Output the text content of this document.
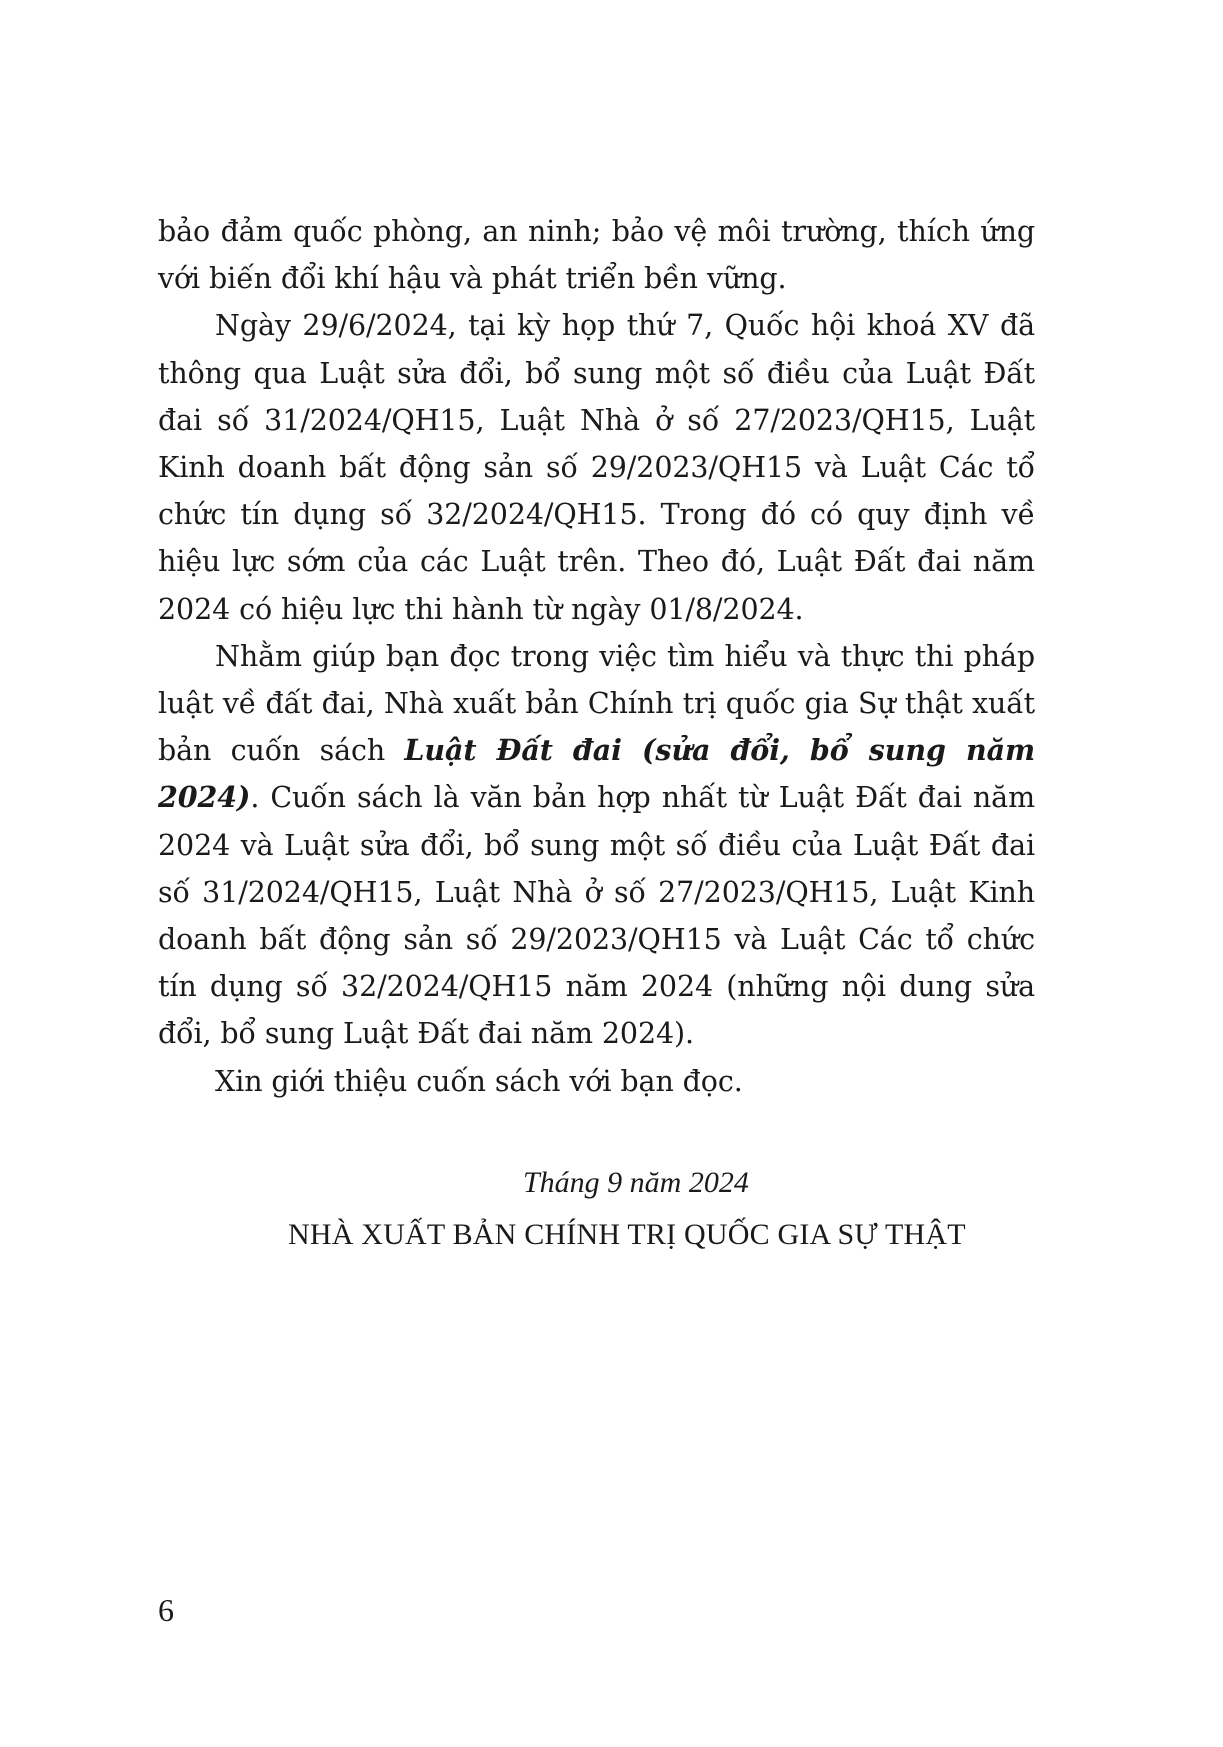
bảo đảm quốc phòng, an ninh; bảo vệ môi trường, thích ứng với biến đổi khí hậu và phát triển bền vững.

Ngày 29/6/2024, tại kỳ họp thứ 7, Quốc hội khoá XV đã thông qua Luật sửa đổi, bổ sung một số điều của Luật Đất đai số 31/2024/QH15, Luật Nhà ở số 27/2023/QH15, Luật Kinh doanh bất động sản số 29/2023/QH15 và Luật Các tổ chức tín dụng số 32/2024/QH15. Trong đó có quy định về hiệu lực sớm của các Luật trên. Theo đó, Luật Đất đai năm 2024 có hiệu lực thi hành từ ngày 01/8/2024.

Nhằm giúp bạn đọc trong việc tìm hiểu và thực thi pháp luật về đất đai, Nhà xuất bản Chính trị quốc gia Sự thật xuất bản cuốn sách Luật Đất đai (sửa đổi, bổ sung năm 2024). Cuốn sách là văn bản hợp nhất từ Luật Đất đai năm 2024 và Luật sửa đổi, bổ sung một số điều của Luật Đất đai số 31/2024/QH15, Luật Nhà ở số 27/2023/QH15, Luật Kinh doanh bất động sản số 29/2023/QH15 và Luật Các tổ chức tín dụng số 32/2024/QH15 năm 2024 (những nội dung sửa đổi, bổ sung Luật Đất đai năm 2024).

Xin giới thiệu cuốn sách với bạn đọc.

Tháng 9 năm 2024
NHÀ XUẤT BẢN CHÍNH TRỊ QUỐC GIA SỰ THẬT
6
